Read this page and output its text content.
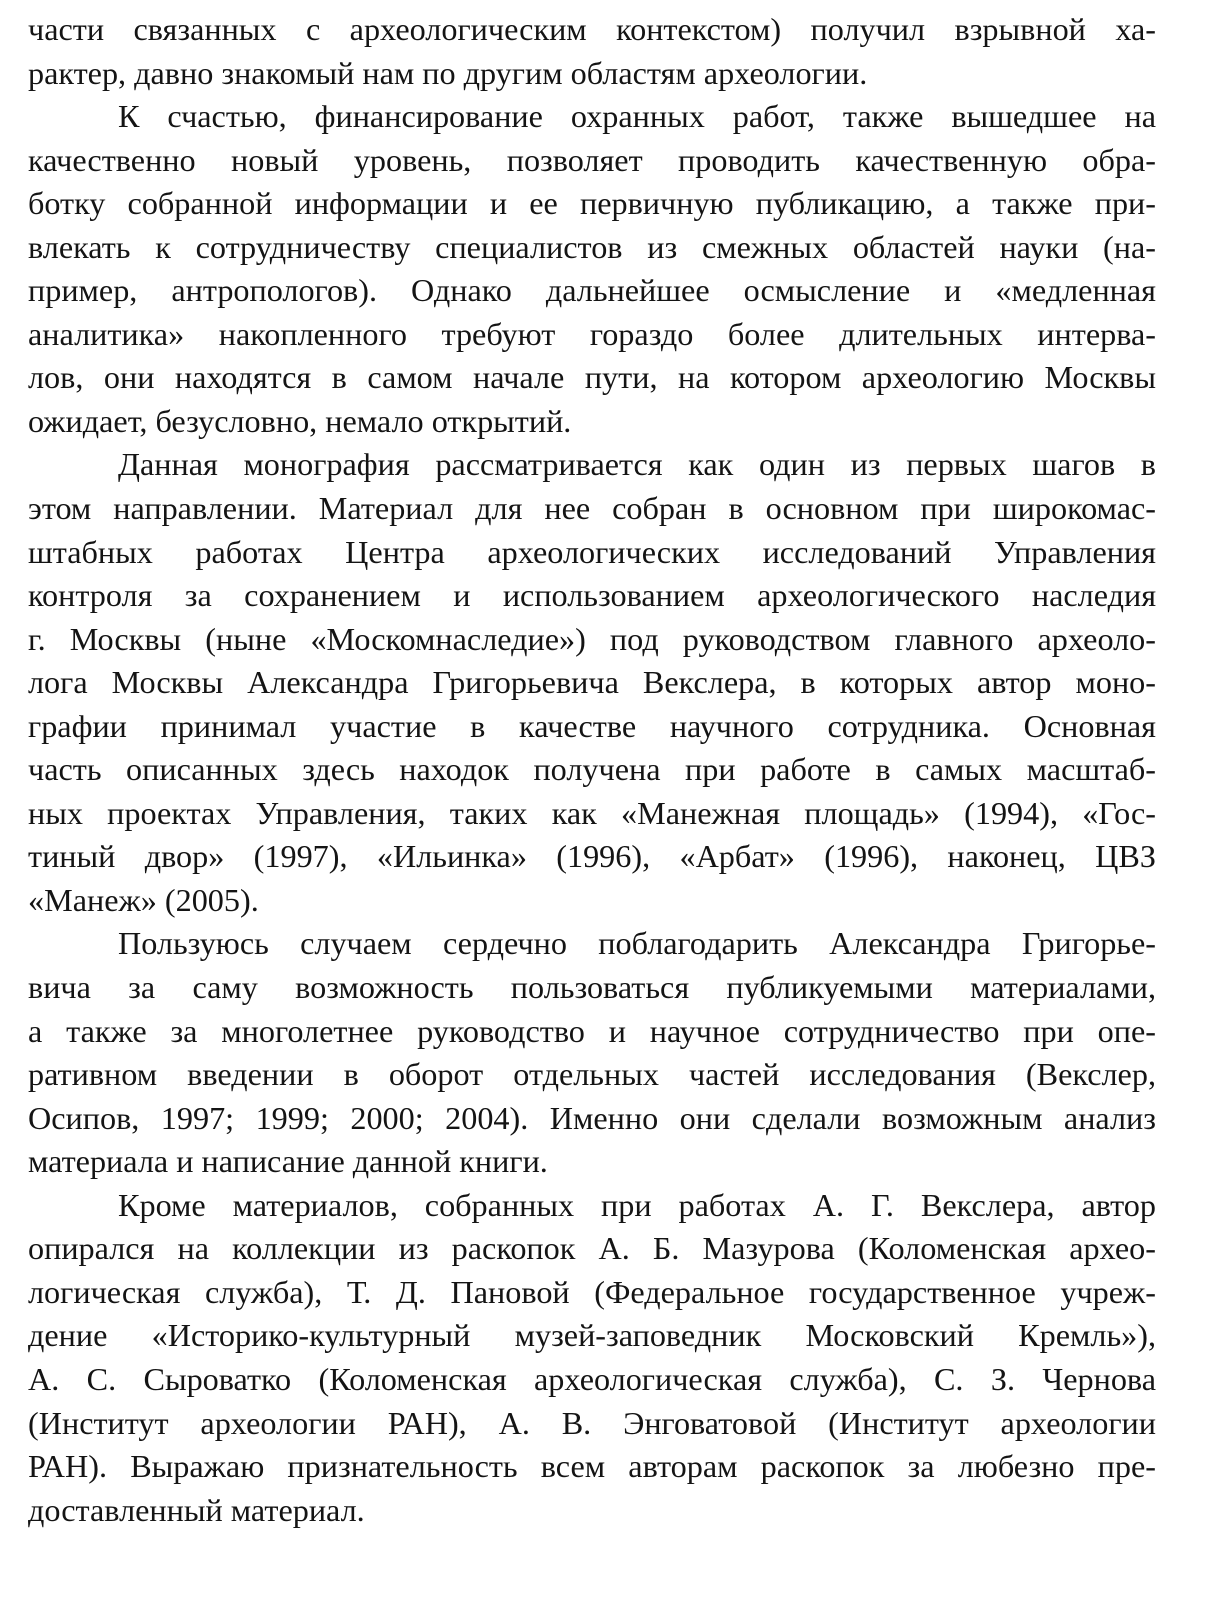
части связанных с археологическим контекстом) получил взрывной ха-
рактер, давно знакомый нам по другим областям археологии.
К счастью, финансирование охранных работ, также вышедшее на
качественно новый уровень, позволяет проводить качественную обра-
ботку собранной информации и ее первичную публикацию, а также при-
влекать к сотрудничеству специалистов из смежных областей науки (на-
пример, антропологов). Однако дальнейшее осмысление и «медленная
аналитика» накопленного требуют гораздо более длительных интерва-
лов, они находятся в самом начале пути, на котором археологию Москвы
ожидает, безусловно, немало открытий.
Данная монография рассматривается как один из первых шагов в
этом направлении. Материал для нее собран в основном при широкомас-
штабных работах Центра археологических исследований Управления
контроля за сохранением и использованием археологического наследия
г. Москвы (ныне «Москомнаследие») под руководством главного археоло-
лога Москвы Александра Григорьевича Векслера, в которых автор моно-
графии принимал участие в качестве научного сотрудника. Основная
часть описанных здесь находок получена при работе в самых масштаб-
ных проектах Управления, таких как «Манежная площадь» (1994), «Гос-
тиный двор» (1997), «Ильинка» (1996), «Арбат» (1996), наконец, ЦВЗ
«Манеж» (2005).
Пользуюсь случаем сердечно поблагодарить Александра Григорье-
вича за саму возможность пользоваться публикуемыми материалами,
а также за многолетнее руководство и научное сотрудничество при опе-
ративном введении в оборот отдельных частей исследования (Векслер,
Осипов, 1997; 1999; 2000; 2004). Именно они сделали возможным анализ
материала и написание данной книги.
Кроме материалов, собранных при работах А. Г. Векслера, автор
опирался на коллекции из раскопок А. Б. Мазурова (Коломенская архео-
логическая служба), Т. Д. Пановой (Федеральное государственное учреж-
дение «Историко-культурный музей-заповедник Московский Кремль»),
А. С. Сыроватко (Коломенская археологическая служба), С. З. Чернова
(Институт археологии РАН), А. В. Энговатовой (Институт археологии
РАН). Выражаю признательность всем авторам раскопок за любезно пре-
доставленный материал.
